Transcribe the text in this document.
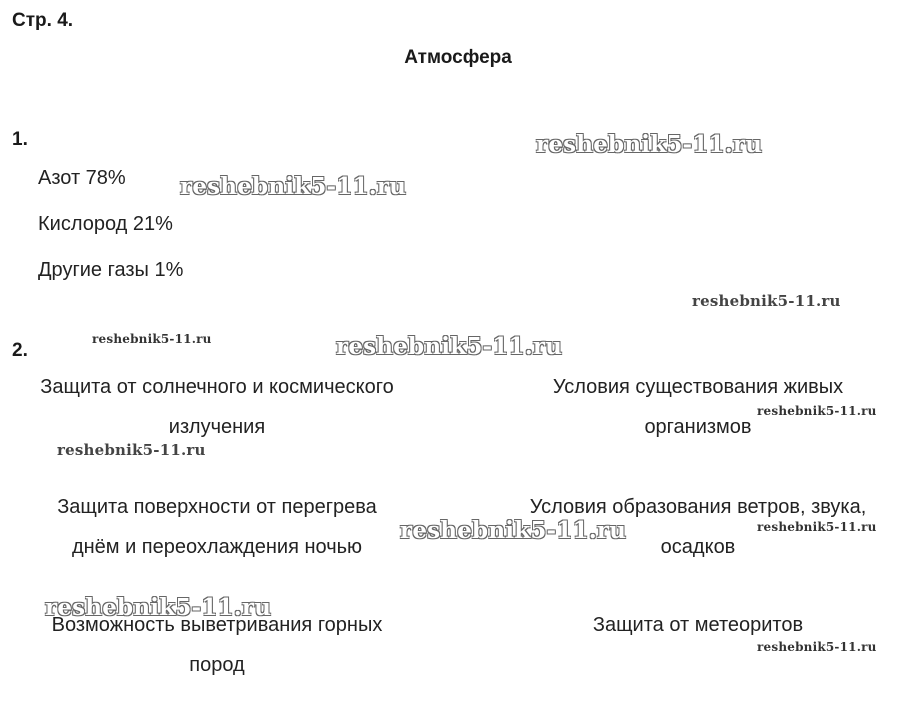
Стр. 4.
Атмосфера
1.
Азот 78%
Кислород 21%
Другие газы 1%
2.
Защита от солнечного и космического
излучения
Защита поверхности от перегрева
днём и переохлаждения ночью
Возможность выветривания горных
пород
Условия существования живых
организмов
Условия образования ветров, звука,
осадков
Защита от метеоритов
reshebnik5-11.ru
reshebnik5-11.ru
reshebnik5-11.ru
reshebnik5-11.ru	reshebnik5-11.ru
reshebnik5-11.ru
reshebnik5-11.ru
reshebnik5-11.ru	reshebnik5-11.ru
reshebnik5-11.ru
reshebnik5-11.ru
